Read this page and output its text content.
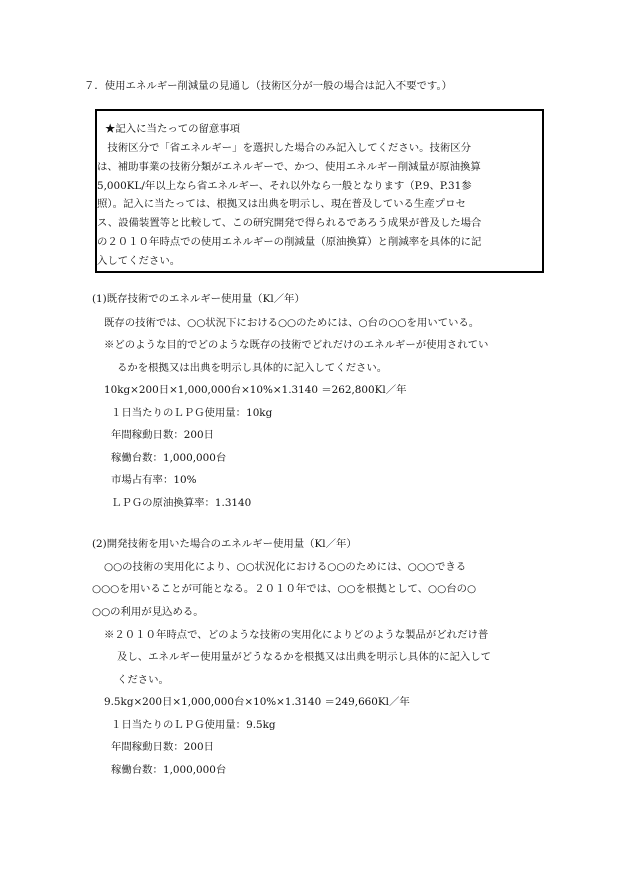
７．使用エネルギー削減量の見通し（技術区分が一般の場合は記入不要です。）
★記入に当たっての留意事項
　技術区分で「省エネルギー」を選択した場合のみ記入してください。技術区分
は、補助事業の技術分類がエネルギーで、かつ、使用エネルギー削減量が原油換算
5,000KL/年以上なら省エネルギー、それ以外なら一般となります（P.9、P.31参
照）。記入に当たっては、根拠又は出典を明示し、現在普及している生産プロセ
ス、設備装置等と比較して、この研究開発で得られるであろう成果が普及した場合
の２０１０年時点での使用エネルギーの削減量（原油換算）と削減率を具体的に記
入してください。
(1)既存技術でのエネルギー使用量（Kl／年）
既存の技術では、○○状況下における○○のためには、○台の○○を用いている。
※どのような目的でどのような既存の技術でどれだけのエネルギーが使用されてい
るかを根拠又は出典を明示し具体的に記入してください。
10kg×200日×1,000,000台×10%×1.3140 ＝262,800Kl／年
１日当たりのＬＰＧ使用量：10kg
年間稼動日数：200日
稼働台数：1,000,000台
市場占有率：10%
ＬＰＧの原油換算率：1.3140
(2)開発技術を用いた場合のエネルギー使用量（Kl／年）
○○の技術の実用化により、○○状況化における○○のためには、○○○できる
○○○を用いることが可能となる。２０１０年では、○○を根拠として、○○台の○
○○の利用が見込める。
※２０１０年時点で、どのような技術の実用化によりどのような製品がどれだけ普
及し、エネルギー使用量がどうなるかを根拠又は出典を明示し具体的に記入して
ください。
9.5kg×200日×1,000,000台×10%×1.3140 ＝249,660Kl／年
１日当たりのＬＰＧ使用量：9.5kg
年間稼動日数：200日
稼働台数：1,000,000台
